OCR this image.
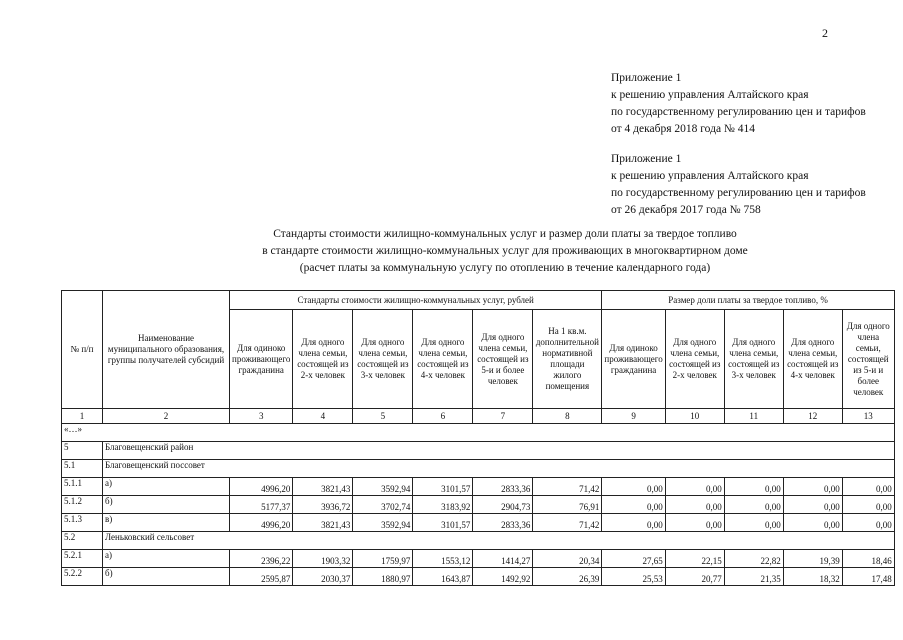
2
Приложение 1
к решению управления Алтайского края
по государственному регулированию цен и тарифов
от 4 декабря 2018 года № 414
Приложение 1
к решению управления Алтайского края
по государственному регулированию цен и тарифов
от 26 декабря 2017 года № 758
Стандарты стоимости жилищно-коммунальных услуг и размер доли платы за твердое топливо
в стандарте стоимости жилищно-коммунальных услуг для проживающих в многоквартирном доме
(расчет платы за коммунальную услугу по отоплению в течение календарного года)
№ п/п	Наименование муниципального образования, группы получателей субсидий	Стандарты стоимости жилищно-коммунальных услуг, рублей						Размер доли платы за твердое топливо, %				
		Для одиноко проживающего гражданина	Для одного члена семьи, состоящей из 2-х человек	Для одного члена семьи, состоящей из 3-х человек	Для одного члена семьи, состоящей из 4-х человек	Для одного члена семьи, состоящей из 5-и и более человек	На 1 кв.м. дополнительной нормативной площади жилого помещения	Для одиноко проживающего гражданина	Для одного члена семьи, состоящей из 2-х человек	Для одного члена семьи, состоящей из 3-х человек	Для одного члена семьи, состоящей из 4-х человек	Для одного члена семьи, состоящей из 5-и и более человек
1	2	3	4	5	6	7	8	9	10	11	12	13
«…»												
5	Благовещенский район											
5.1	Благовещенский поссовет											
5.1.1	а)	4996,20	3821,43	3592,94	3101,57	2833,36	71,42	0,00	0,00	0,00	0,00	0,00
5.1.2	б)	5177,37	3936,72	3702,74	3183,92	2904,73	76,91	0,00	0,00	0,00	0,00	0,00
5.1.3	в)	4996,20	3821,43	3592,94	3101,57	2833,36	71,42	0,00	0,00	0,00	0,00	0,00
5.2	Леньковский сельсовет											
5.2.1	а)	2396,22	1903,32	1759,97	1553,12	1414,27	20,34	27,65	22,15	22,82	19,39	18,46
5.2.2	б)	2595,87	2030,37	1880,97	1643,87	1492,92	26,39	25,53	20,77	21,35	18,32	17,48
